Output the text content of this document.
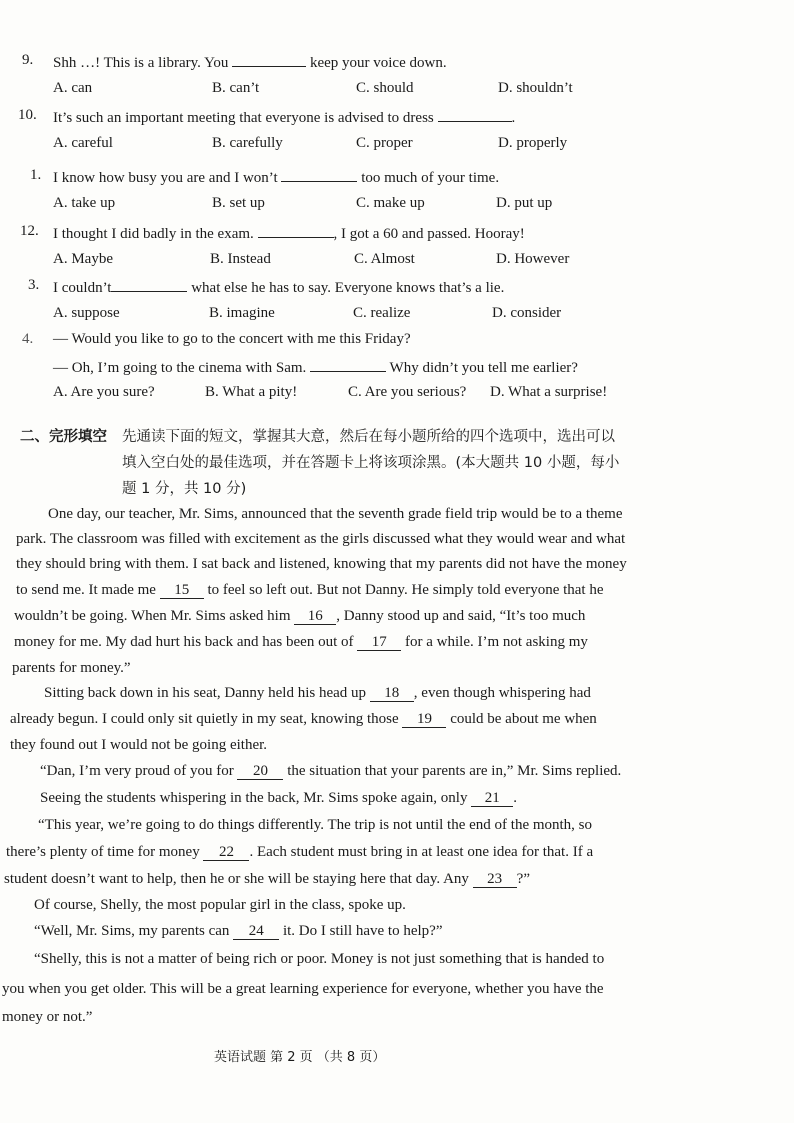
9. Shh …! This is a library. You	keep your voice down.
A. can	B. can’t	C. should	D. shouldn’t
10. It’s such an important meeting that everyone is advised to dress	.
A. careful	B. carefully	C. proper	D. properly
1. I know how busy you are and I won’t	too much of your time.
A. take up	B. set up	C. make up	D. put up
12. I thought I did badly in the exam.	, I got a 60 and passed. Hooray!
A. Maybe	B. Instead	C. Almost	D. However
3. I couldn’t	what else he has to say. Everyone knows that’s a lie.
A. suppose	B. imagine	C. realize	D. consider
4. — Would you like to go to the concert with me this Friday?
— Oh, I’m going to the cinema with Sam.	Why didn’t you tell me earlier?
A. Are you sure?	B. What a pity!	C. Are you serious? D. What a surprise!
二、完形填空 先通读下面的短文，掌握其大意，然后在每小题所给的四个选项中，选出可以
填入空白处的最佳选项，并在答题卡上将该项涂黑。(本大题共 10 小题，每小
题 1 分，共 10 分)
One day, our teacher, Mr. Sims, announced that the seventh grade field trip would be to a theme
park. The classroom was filled with excitement as the girls discussed what they would wear and what
they should bring with them. I sat back and listened, knowing that my parents did not have the money
to send me. It made me 15 to feel so left out. But not Danny. He simply told everyone that he
wouldn’t be going. When Mr. Sims asked him 16 , Danny stood up and said, “It’s too much
money for me. My dad hurt his back and has been out of 17 for a while. I’m not asking my
parents for money.”
Sitting back down in his seat, Danny held his head up 18 , even though whispering had
already begun. I could only sit quietly in my seat, knowing those 19 could be about me when
they found out I would not be going either.
“Dan, I’m very proud of you for 20 the situation that your parents are in,” Mr. Sims replied.
Seeing the students whispering in the back, Mr. Sims spoke again, only 21 .
“This year, we’re going to do things differently. The trip is not until the end of the month, so
there’s plenty of time for money 22 . Each student must bring in at least one idea for that. If a
student doesn’t want to help, then he or she will be staying here that day. Any 23 ?”
Of course, Shelly, the most popular girl in the class, spoke up.
“Well, Mr. Sims, my parents can 24 it. Do I still have to help?”
“Shelly, this is not a matter of being rich or poor. Money is not just something that is handed to
you when you get older. This will be a great learning experience for everyone, whether you have the
money or not.”
英语试题 第 2 页 （共 8 页）
